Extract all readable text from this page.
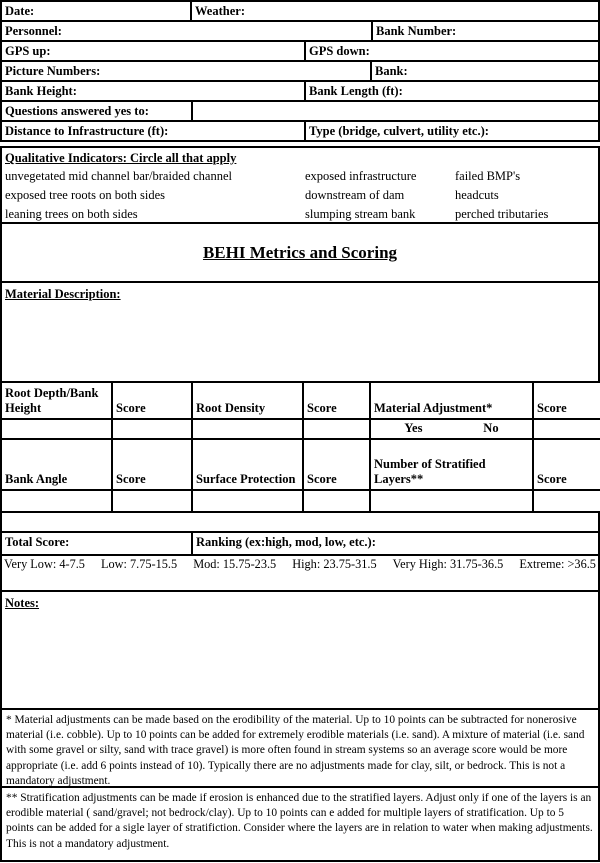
Date:	Weather:
Personnel:	Bank Number:
GPS up:	GPS down:
Picture Numbers:	Bank:
Bank Height:	Bank Length (ft):
Questions answered yes to:
Distance to Infrastructure (ft):	Type (bridge, culvert, utility etc.):
Qualitative Indicators: Circle all that apply
unvegetated mid channel bar/braided channel	exposed infrastructure	failed BMP's
exposed tree roots on both sides	downstream of dam	headcuts
leaning trees on both sides	slumping stream bank	perched tributaries
BEHI Metrics and Scoring
Material Description:
Root Depth/Bank Height	Score	Root Density	Score	Material Adjustment*	Score

				Yes No	

Bank Angle	Score	Surface Protection	Score	Number of Stratified Layers**	Score

Total Score:	Ranking (ex:high, mod, low, etc.):
Very Low: 4-7.5 Low: 7.75-15.5 Mod: 15.75-23.5 High: 23.75-31.5 Very High: 31.75-36.5 Extreme: >36.5
Notes:
* Material adjustments can be made based on the erodibility of the material. Up to 10 points can be subtracted for nonerosive material (i.e. cobble). Up to 10 points can be added for extremely erodible materials (i.e. sand). A mixture of material (i.e. sand with some gravel or silty, sand with trace gravel) is more often found in stream systems so an average score would be more appropriate (i.e. add 6 points instead of 10). Typically there are no adjustments made for clay, silt, or bedrock. This is not a mandatory adjustment.
** Stratification adjustments can be made if erosion is enhanced due to the stratified layers. Adjust only if one of the layers is an erodible material ( sand/gravel; not bedrock/clay). Up to 10 points can e added for multiple layers of stratification. Up to 5 points can be added for a sigle layer of stratifiction. Consider where the layers are in relation to water when making adjustments. This is not a mandatory adjustment.
